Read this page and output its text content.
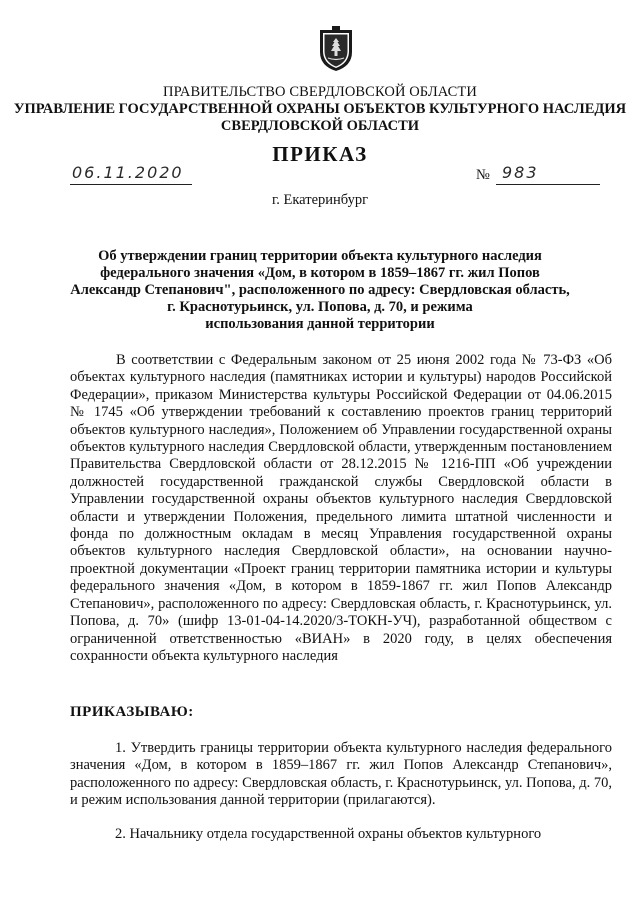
ПРАВИТЕЛЬСТВО СВЕРДЛОВСКОЙ ОБЛАСТИ
УПРАВЛЕНИЕ ГОСУДАРСТВЕННОЙ ОХРАНЫ ОБЪЕКТОВ КУЛЬТУРНОГО НАСЛЕДИЯ
СВЕРДЛОВСКОЙ ОБЛАСТИ
ПРИКАЗ
06.11.2020	№ 983
г. Екатеринбург
Об утверждении границ территории объекта культурного наследия
федерального значения «Дом, в котором в 1859–1867 гг. жил Попов
Александр Степанович", расположенного по адресу: Свердловская область,
г. Краснотурьинск, ул. Попова, д. 70, и режима
использования данной территории
В соответствии с Федеральным законом от 25 июня 2002 года № 73-ФЗ «Об объектах культурного наследия (памятниках истории и культуры) народов Российской Федерации», приказом Министерства культуры Российской Федерации от 04.06.2015 № 1745 «Об утверждении требований к составлению проектов границ территорий объектов культурного наследия», Положением об Управлении государственной охраны объектов культурного наследия Свердловской области, утвержденным постановлением Правительства Свердловской области от 28.12.2015 № 1216-ПП «Об учреждении должностей государственной гражданской службы Свердловской области в Управлении государственной охраны объектов культурного наследия Свердловской области и утверждении Положения, предельного лимита штатной численности и фонда по должностным окладам в месяц Управления государственной охраны объектов культурного наследия Свердловской области», на основании научно-проектной документации «Проект границ территории памятника истории и культуры федерального значения «Дом, в котором в 1859-1867 гг. жил Попов Александр Степанович», расположенного по адресу: Свердловская область, г. Краснотурьинск, ул. Попова, д. 70» (шифр 13-01-04-14.2020/3-ТОКН-УЧ), разработанной обществом с ограниченной ответственностью «ВИАН» в 2020 году, в целях обеспечения сохранности объекта культурного наследия
ПРИКАЗЫВАЮ:
1. Утвердить границы территории объекта культурного наследия федерального значения «Дом, в котором в 1859–1867 гг. жил Попов Александр Степанович», расположенного по адресу: Свердловская область, г. Краснотурьинск, ул. Попова, д. 70, и режим использования данной территории (прилагаются).
2. Начальнику отдела государственной охраны объектов культурного
